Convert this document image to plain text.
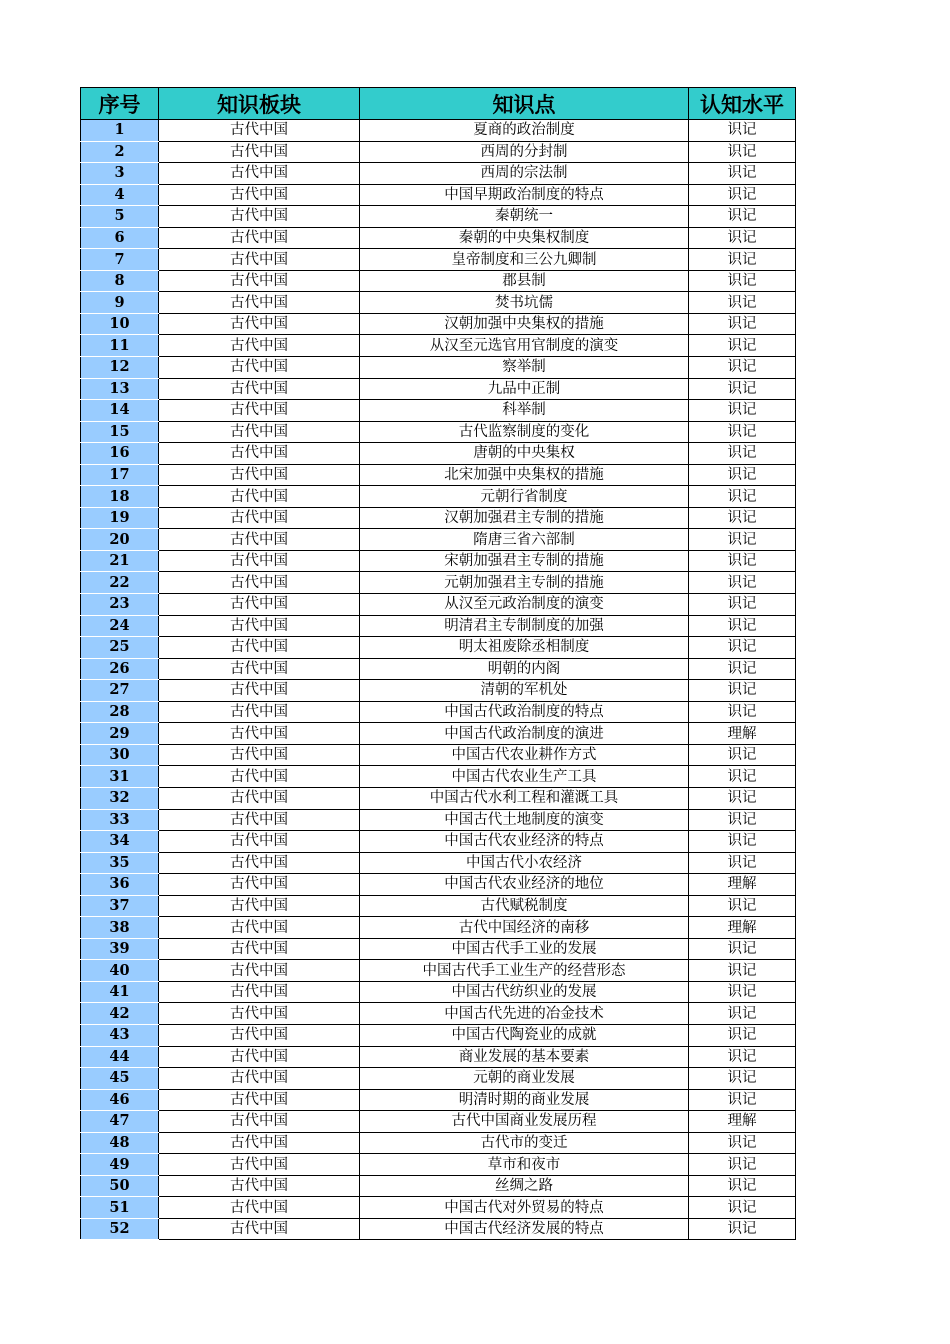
序号	知识板块	知识点	认知水平
1	古代中国	夏商的政治制度	识记
2	古代中国	西周的分封制	识记
3	古代中国	西周的宗法制	识记
4	古代中国	中国早期政治制度的特点	识记
5	古代中国	秦朝统一	识记
6	古代中国	秦朝的中央集权制度	识记
7	古代中国	皇帝制度和三公九卿制	识记
8	古代中国	郡县制	识记
9	古代中国	焚书坑儒	识记
10	古代中国	汉朝加强中央集权的措施	识记
11	古代中国	从汉至元选官用官制度的演变	识记
12	古代中国	察举制	识记
13	古代中国	九品中正制	识记
14	古代中国	科举制	识记
15	古代中国	古代监察制度的变化	识记
16	古代中国	唐朝的中央集权	识记
17	古代中国	北宋加强中央集权的措施	识记
18	古代中国	元朝行省制度	识记
19	古代中国	汉朝加强君主专制的措施	识记
20	古代中国	隋唐三省六部制	识记
21	古代中国	宋朝加强君主专制的措施	识记
22	古代中国	元朝加强君主专制的措施	识记
23	古代中国	从汉至元政治制度的演变	识记
24	古代中国	明清君主专制制度的加强	识记
25	古代中国	明太祖废除丞相制度	识记
26	古代中国	明朝的内阁	识记
27	古代中国	清朝的军机处	识记
28	古代中国	中国古代政治制度的特点	识记
29	古代中国	中国古代政治制度的演进	理解
30	古代中国	中国古代农业耕作方式	识记
31	古代中国	中国古代农业生产工具	识记
32	古代中国	中国古代水利工程和灌溉工具	识记
33	古代中国	中国古代土地制度的演变	识记
34	古代中国	中国古代农业经济的特点	识记
35	古代中国	中国古代小农经济	识记
36	古代中国	中国古代农业经济的地位	理解
37	古代中国	古代赋税制度	识记
38	古代中国	古代中国经济的南移	理解
39	古代中国	中国古代手工业的发展	识记
40	古代中国	中国古代手工业生产的经营形态	识记
41	古代中国	中国古代纺织业的发展	识记
42	古代中国	中国古代先进的冶金技术	识记
43	古代中国	中国古代陶瓷业的成就	识记
44	古代中国	商业发展的基本要素	识记
45	古代中国	元朝的商业发展	识记
46	古代中国	明清时期的商业发展	识记
47	古代中国	古代中国商业发展历程	理解
48	古代中国	古代市的变迁	识记
49	古代中国	草市和夜市	识记
50	古代中国	丝绸之路	识记
51	古代中国	中国古代对外贸易的特点	识记
52	古代中国	中国古代经济发展的特点	识记
